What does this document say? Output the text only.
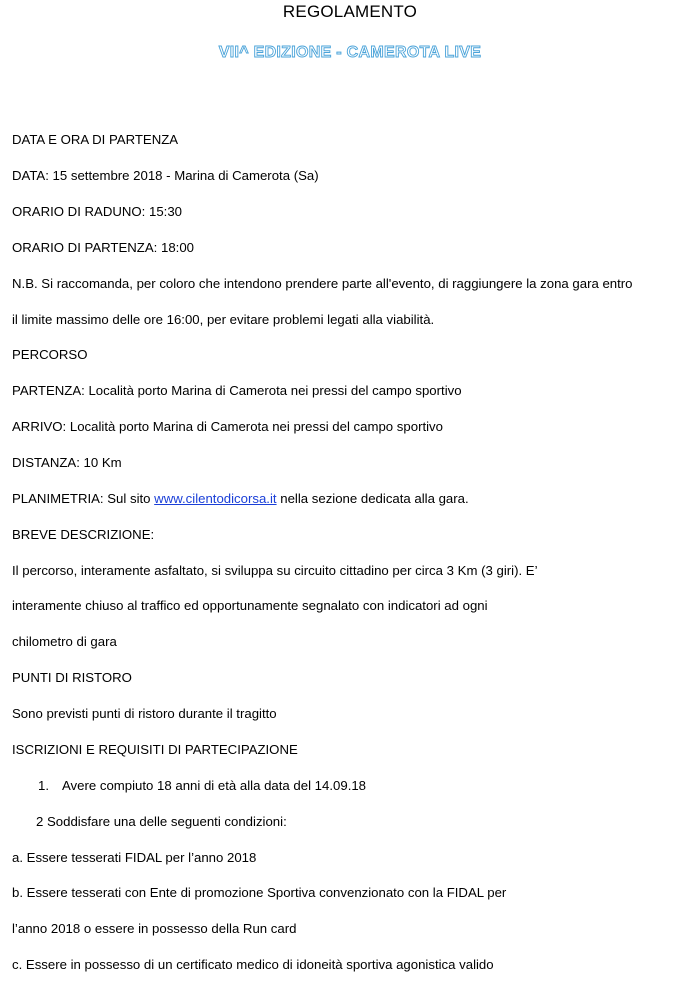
REGOLAMENTO
VII^ EDIZIONE - CAMEROTA LIVE
DATA E ORA DI PARTENZA
DATA: 15 settembre 2018 - Marina di Camerota (Sa)
ORARIO DI RADUNO: 15:30
ORARIO DI PARTENZA: 18:00
N.B. Si raccomanda, per coloro che intendono prendere parte all'evento, di raggiungere la zona gara entro
il limite massimo delle ore 16:00, per evitare problemi legati alla viabilità.
PERCORSO
PARTENZA: Località porto Marina di Camerota nei pressi del campo sportivo
ARRIVO: Località porto Marina di Camerota nei pressi del campo sportivo
DISTANZA: 10 Km
PLANIMETRIA: Sul sito www.cilentodicorsa.it nella sezione dedicata alla gara.
BREVE DESCRIZIONE:
Il percorso, interamente asfaltato, si sviluppa su circuito cittadino per circa 3 Km (3 giri). E’
interamente chiuso al traffico ed opportunamente segnalato con indicatori ad ogni
chilometro di gara
PUNTI DI RISTORO
Sono previsti punti di ristoro durante il tragitto
ISCRIZIONI E REQUISITI DI PARTECIPAZIONE
1. Avere compiuto 18 anni di età alla data del 14.09.18
2 Soddisfare una delle seguenti condizioni:
a. Essere tesserati FIDAL per l’anno 2018
b. Essere tesserati con Ente di promozione Sportiva convenzionato con la FIDAL per
l’anno 2018 o essere in possesso della Run card
c. Essere in possesso di un certificato medico di idoneità sportiva agonistica valido
